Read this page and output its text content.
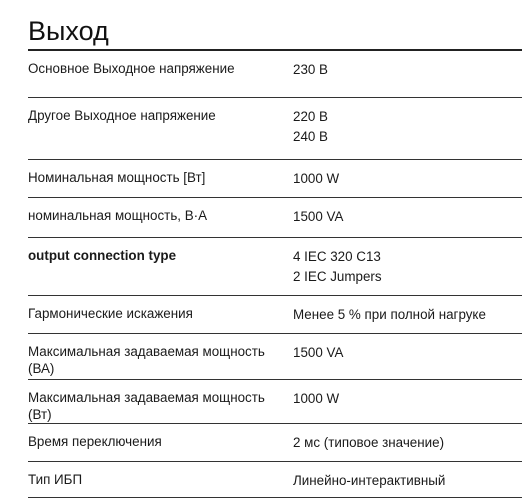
Выход
Основное Выходное напряжение	230 В

Другое Выходное напряжение	220 В
240 В

Номинальная мощность [Вт]	1000 W

номинальная мощность, В·А	1500 VA

output connection type	4 IEC 320 C13
2 IEC Jumpers

Гармонические искажения	Менее 5 % при полной нагруке

Максимальная задаваемая мощность (ВА)	1500 VA

Максимальная задаваемая мощность (Вт)	1000 W

Время переключения	2 мс (типовое значение)

Тип ИБП	Линейно-интерактивный
